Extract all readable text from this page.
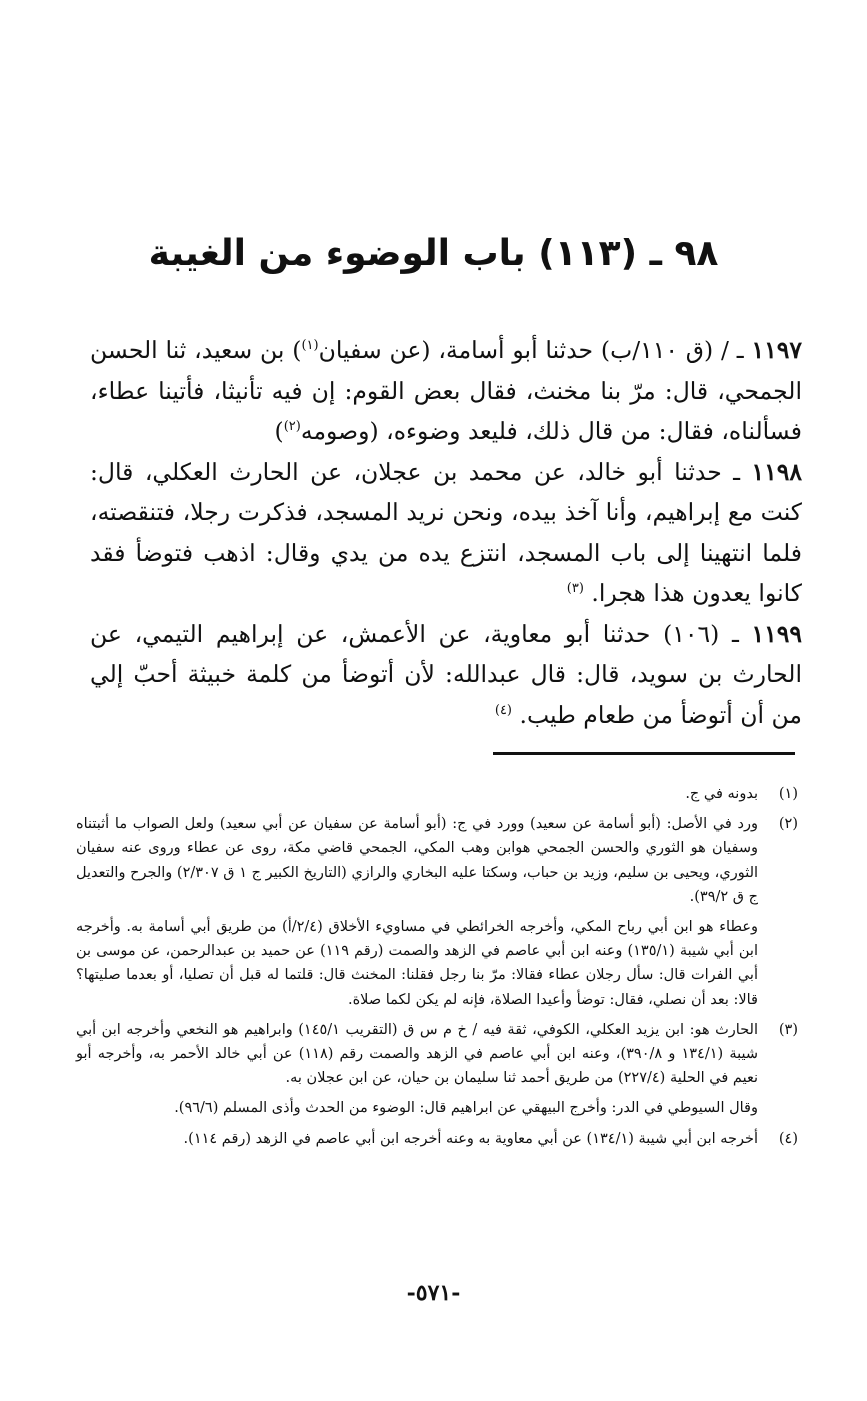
٩٨ ـ (١١٣) باب الوضوء من الغيبة

١١٩٧ ـ / (ق ١١٠/ب) حدثنا أبو أسامة، (عن سفيان$^{(١)}$) بن سعيد، ثنا الحسن الجمحي، قال: مرّ بنا مخنث، فقال بعض القوم: إن فيه تأنيثا، فأتينا عطاء، فسألناه، فقال: من قال ذلك، فليعد وضوءه، (وصومه$^{(٢)}$)

١١٩٨ ـ حدثنا أبو خالد، عن محمد بن عجلان، عن الحارث العكلي، قال: كنت مع إبراهيم، وأنا آخذ بيده، ونحن نريد المسجد، فذكرت رجلا، فتنقصته، فلما انتهينا إلى باب المسجد، انتزع يده من يدي وقال: اذهب فتوضأ فقد كانوا يعدون هذا هجرا. $^{(٣)}$

١١٩٩ ـ (١٠٦) حدثنا أبو معاوية، عن الأعمش، عن إبراهيم التيمي، عن الحارث بن سويد، قال: قال عبدالله: لأن أتوضأ من كلمة خبيثة أحبّ إلي من أن أتوضأ من طعام طيب. $^{(٤)}$

(١)

بدونه في ج.

(٢)

ورد في الأصل: (أبو أسامة عن سعيد) وورد في ج: (أبو أسامة عن سفيان عن أبي سعيد) ولعل الصواب ما أثبتناه وسفيان هو الثوري والحسن الجمحي هوابن وهب المكي، الجمحي قاضي مكة، روى عن عطاء وروى عنه سفيان الثوري، ويحيى بن سليم، وزيد بن حباب، وسكتا عليه البخاري والرازي (التاريخ الكبير ج ١ ق ٢/٣٠٧) والجرح والتعديل ج ق ٣٩/٢).

وعطاء هو ابن أبي رباح المكي، وأخرجه الخرائطي في مساويء الأخلاق (٢/٤/أ) من طريق أبي أسامة به. وأخرجه ابن أبي شيبة (١٣٥/١) وعنه ابن أبي عاصم في الزهد والصمت (رقم ١١٩) عن حميد بن عبدالرحمن، عن موسى بن أبي الفرات قال: سأل رجلان عطاء فقالا: مرّ بنا رجل فقلنا: المخنث قال: قلتما له قبل أن تصليا، أو بعدما صليتها؟ قالا: بعد أن نصلي، فقال: توضأ وأعيدا الصلاة، فإنه لم يكن لكما صلاة.

(٣)

الحارث هو: ابن يزيد العكلي، الكوفي، ثقة فيه / خ م س ق (التقريب ١٤٥/١) وابراهيم هو النخعي وأخرجه ابن أبي شيبة (١٣٤/١ و ٣٩٠/٨)، وعنه ابن أبي عاصم في الزهد والصمت رقم (١١٨) عن أبي خالد الأحمر به، وأخرجه أبو نعيم في الحلية (٢٢٧/٤) من طريق أحمد ثنا سليمان بن حيان، عن ابن عجلان به.

وقال السيوطي في الدر: وأخرج البيهقي عن ابراهيم قال: الوضوء من الحدث وأذى المسلم (٩٦/٦).

(٤)

أخرجه ابن أبي شيبة (١٣٤/١) عن أبي معاوية به وعنه أخرجه ابن أبي عاصم في الزهد (رقم ١١٤).

-٥٧١-
